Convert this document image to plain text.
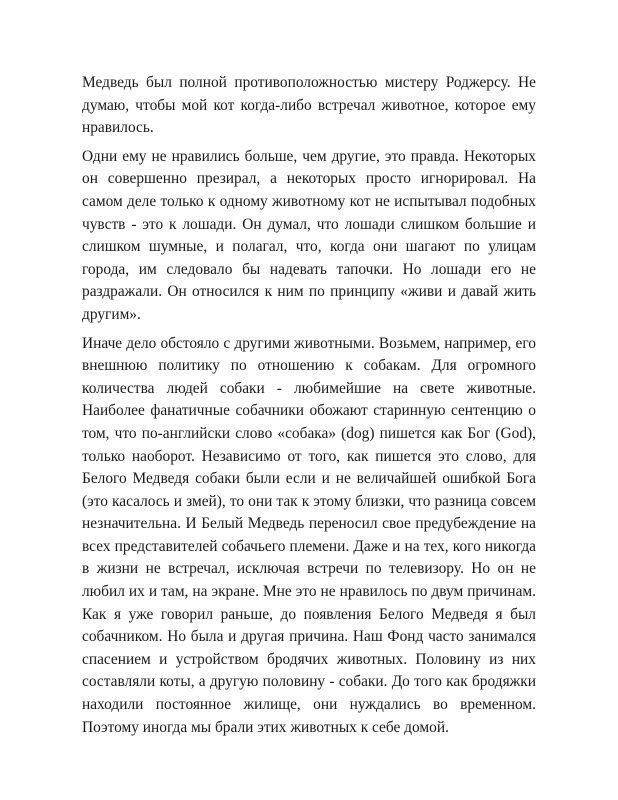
Медведь был полной противоположностью мистеру Роджерсу. Не думаю, чтобы мой кот когда-либо встречал животное, которое ему нравилось.

Одни ему не нравились больше, чем другие, это правда. Некоторых он совершенно презирал, а некоторых просто игнорировал. На самом деле только к одному животному кот не испытывал подобных чувств - это к лошади. Он думал, что лошади слишком большие и слишком шумные, и полагал, что, когда они шагают по улицам города, им следовало бы надевать тапочки. Но лошади его не раздражали. Он относился к ним по принципу «живи и давай жить другим».

Иначе дело обстояло с другими животными. Возьмем, например, его внешнюю политику по отношению к собакам. Для огромного количества людей собаки - любимейшие на свете животные. Наиболее фанатичные собачники обожают старинную сентенцию о том, что по-английски слово «собака» (dog) пишется как Бог (God), только наоборот. Независимо от того, как пишется это слово, для Белого Медведя собаки были если и не величайшей ошибкой Бога (это касалось и змей), то они так к этому близки, что разница совсем незначительна. И Белый Медведь переносил свое предубеждение на всех представителей собачьего племени. Даже и на тех, кого никогда в жизни не встречал, исключая встречи по телевизору. Но он не любил их и там, на экране. Мне это не нравилось по двум причинам. Как я уже говорил раньше, до появления Белого Медведя я был собачником. Но была и другая причина. Наш Фонд часто занимался спасением и устройством бродячих животных. Половину из них составляли коты, а другую половину - собаки. До того как бродяжки находили постоянное жилище, они нуждались во временном. Поэтому иногда мы брали этих животных к себе домой.
